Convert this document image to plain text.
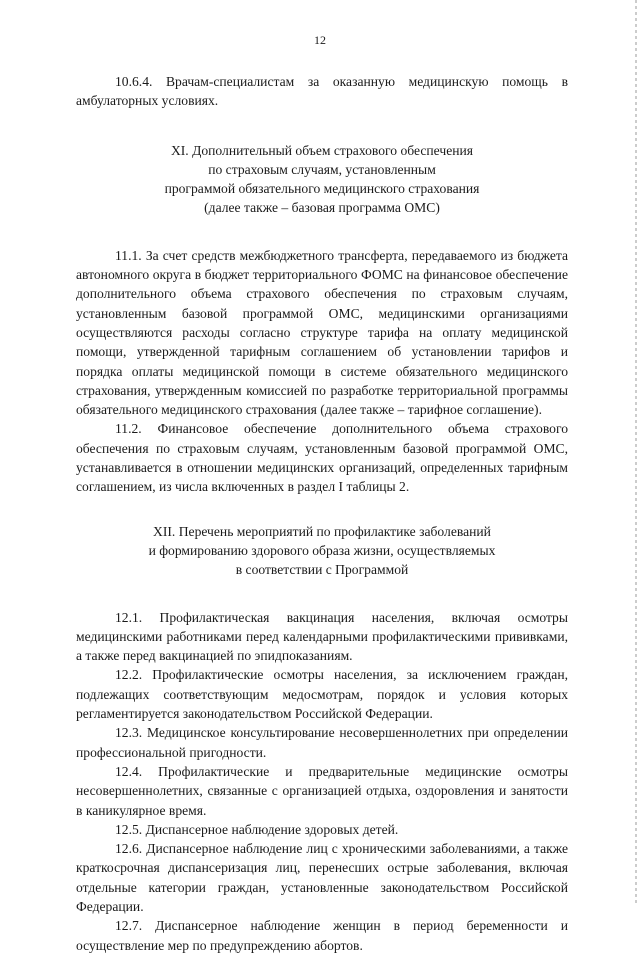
12

10.6.4. Врачам-специалистам за оказанную медицинскую помощь в амбулаторных условиях.

XI. Дополнительный объем страхового обеспечения
по страховым случаям, установленным
программой обязательного медицинского страхования
(далее также – базовая программа ОМС)

11.1. За счет средств межбюджетного трансферта, передаваемого из бюджета автономного округа в бюджет территориального ФОМС на финансовое обеспечение дополнительного объема страхового обеспечения по страховым случаям, установленным базовой программой ОМС, медицинскими организациями осуществляются расходы согласно структуре тарифа на оплату медицинской помощи, утвержденной тарифным соглашением об установлении тарифов и порядка оплаты медицинской помощи в системе обязательного медицинского страхования, утвержденным комиссией по разработке территориальной программы обязательного медицинского страхования (далее также – тарифное соглашение).

11.2. Финансовое обеспечение дополнительного объема страхового обеспечения по страховым случаям, установленным базовой программой ОМС, устанавливается в отношении медицинских организаций, определенных тарифным соглашением, из числа включенных в раздел I таблицы 2.

XII. Перечень мероприятий по профилактике заболеваний
и формированию здорового образа жизни, осуществляемых
в соответствии с Программой

12.1. Профилактическая вакцинация населения, включая осмотры медицинскими работниками перед календарными профилактическими прививками, а также перед вакцинацией по эпидпоказаниям.

12.2. Профилактические осмотры населения, за исключением граждан, подлежащих соответствующим медосмотрам, порядок и условия которых регламентируется законодательством Российской Федерации.

12.3. Медицинское консультирование несовершеннолетних при определении профессиональной пригодности.

12.4. Профилактические и предварительные медицинские осмотры несовершеннолетних, связанные с организацией отдыха, оздоровления и занятости в каникулярное время.

12.5. Диспансерное наблюдение здоровых детей.

12.6. Диспансерное наблюдение лиц с хроническими заболеваниями, а также краткосрочная диспансеризация лиц, перенесших острые заболевания, включая отдельные категории граждан, установленные законодательством Российской Федерации.

12.7. Диспансерное наблюдение женщин в период беременности и осуществление мер по предупреждению абортов.
